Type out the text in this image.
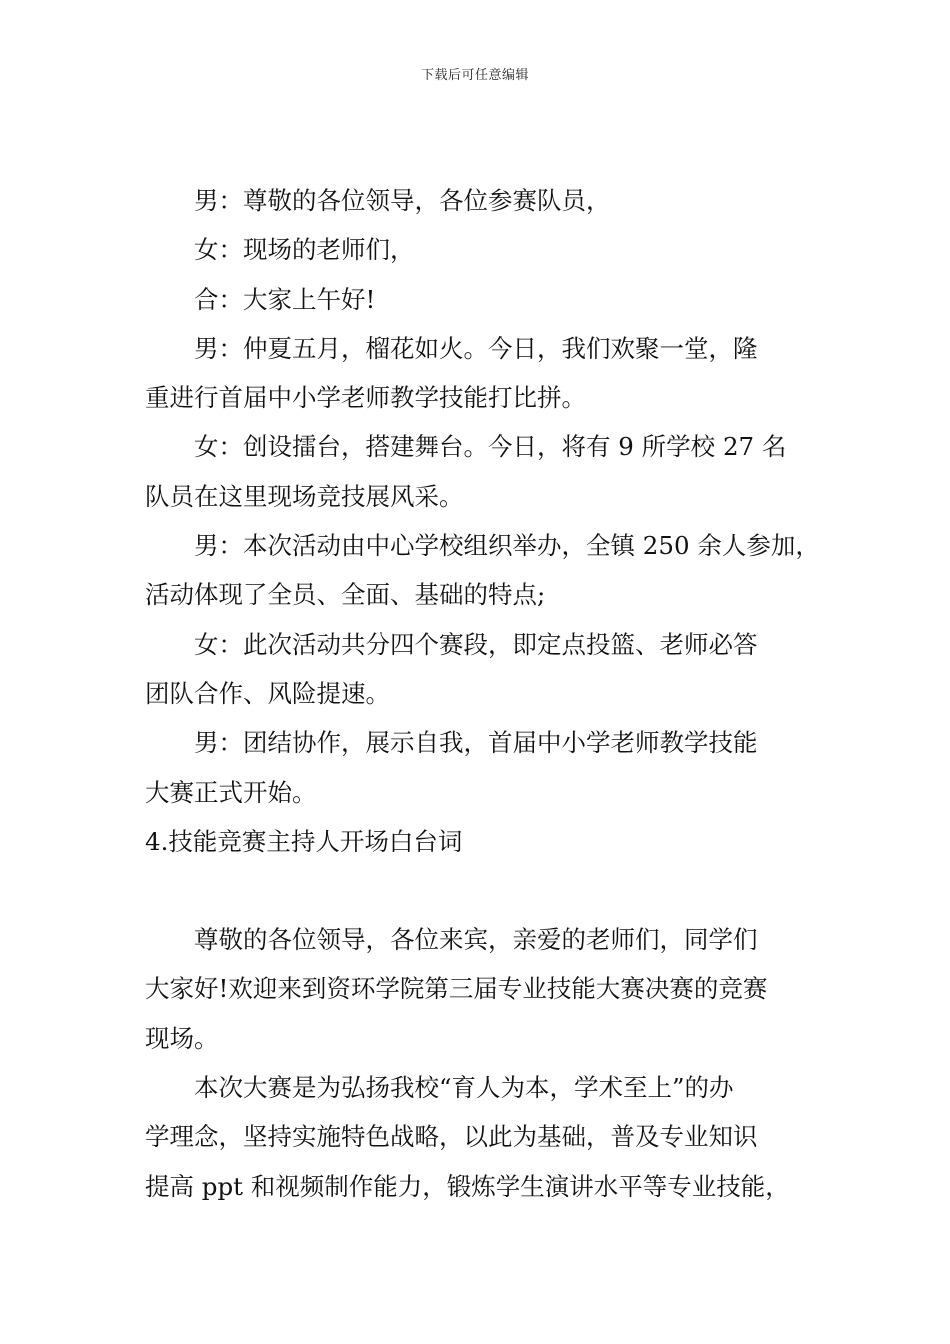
下载后可任意编辑

男：尊敬的各位领导，各位参赛队员，

女：现场的老师们，

合：大家上午好!

男：仲夏五月，榴花如火。今日，我们欢聚一堂，隆

重进行首届中小学老师教学技能打比拼。

女：创设擂台，搭建舞台。今日，将有 9 所学校 27 名

队员在这里现场竞技展风采。

男：本次活动由中心学校组织举办，全镇 250 余人参加，

活动体现了全员、全面、基础的特点;

女：此次活动共分四个赛段，即定点投篮、老师必答

团队合作、风险提速。

男：团结协作，展示自我，首届中小学老师教学技能

大赛正式开始。

4.技能竞赛主持人开场白台词

尊敬的各位领导，各位来宾，亲爱的老师们，同学们

大家好!欢迎来到资环学院第三届专业技能大赛决赛的竞赛

现场。

本次大赛是为弘扬我校“育人为本，学术至上”的办

学理念，坚持实施特色战略，以此为基础，普及专业知识

提高 ppt 和视频制作能力，锻炼学生演讲水平等专业技能，
